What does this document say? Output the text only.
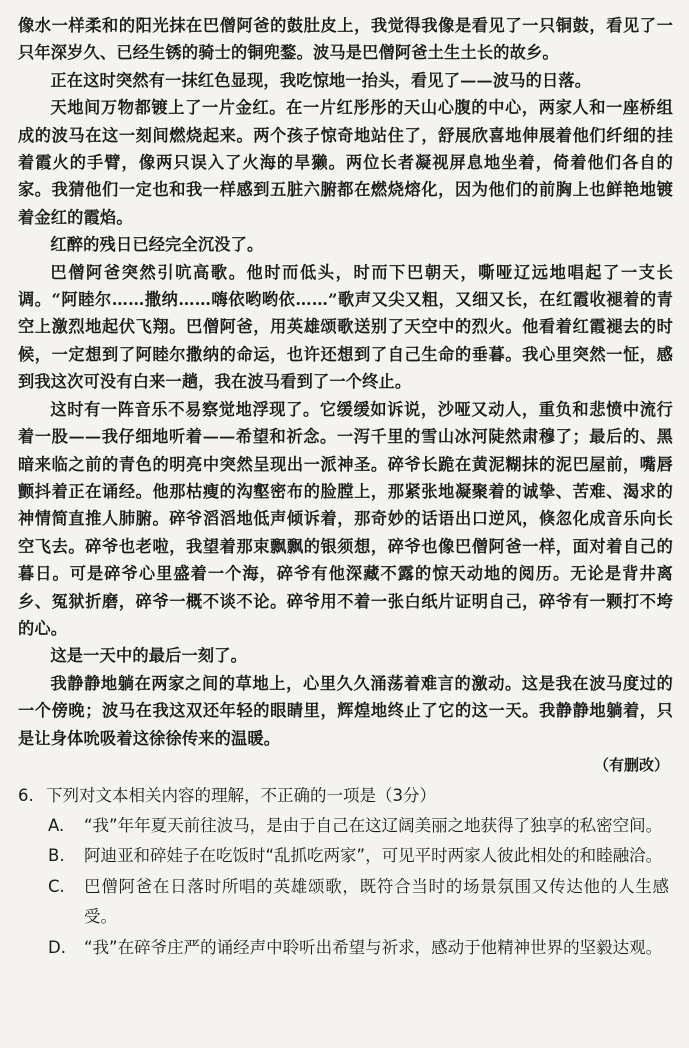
像水一样柔和的阳光抹在巴僧阿爸的鼓肚皮上，我觉得我像是看见了一只铜鼓，看见了一只年深岁久、已经生锈的骑士的铜兜鍪。波马是巴僧阿爸土生土长的故乡。

正在这时突然有一抹红色显现，我吃惊地一抬头，看见了——波马的日落。

天地间万物都镀上了一片金红。在一片红彤彤的天山心腹的中心，两家人和一座桥组成的波马在这一刻间燃烧起来。两个孩子惊奇地站住了，舒展欣喜地伸展着他们纤细的挂着霞火的手臂，像两只误入了火海的旱獭。两位长者凝视屏息地坐着，倚着他们各自的家。我猜他们一定也和我一样感到五脏六腑都在燃烧熔化，因为他们的前胸上也鲜艳地镀着金红的霞焰。

红醉的残日已经完全沉没了。

巴僧阿爸突然引吭高歌。他时而低头，时而下巴朝天，嘶哑辽远地唱起了一支长调。“阿睦尔……撒纳……嗨依哟哟依……”歌声又尖又粗，又细又长，在红霞收褪着的青空上激烈地起伏飞翔。巴僧阿爸，用英雄颂歌送别了天空中的烈火。他看着红霞褪去的时候，一定想到了阿睦尔撒纳的命运，也许还想到了自己生命的垂暮。我心里突然一怔，感到我这次可没有白来一趟，我在波马看到了一个终止。

这时有一阵音乐不易察觉地浮现了。它缓缓如诉说，沙哑又动人，重负和悲愤中流行着一股——我仔细地听着——希望和祈念。一泻千里的雪山冰河陡然肃穆了；最后的、黑暗来临之前的青色的明亮中突然呈现出一派神圣。碎爷长跪在黄泥糊抹的泥巴屋前，嘴唇颤抖着正在诵经。他那枯瘦的沟壑密布的脸膛上，那紧张地凝聚着的诚挚、苦难、渴求的神情简直推人肺腑。碎爷滔滔地低声倾诉着，那奇妙的话语出口逆风，倏忽化成音乐向长空飞去。碎爷也老啦，我望着那束飘飘的银须想，碎爷也像巴僧阿爸一样，面对着自己的暮日。可是碎爷心里盛着一个海，碎爷有他深藏不露的惊天动地的阅历。无论是背井离乡、冤狱折磨，碎爷一概不谈不论。碎爷用不着一张白纸片证明自己，碎爷有一颗打不垮的心。

这是一天中的最后一刻了。

我静静地躺在两家之间的草地上，心里久久涌荡着难言的激动。这是我在波马度过的一个傍晚；波马在我这双还年轻的眼睛里，辉煌地终止了它的这一天。我静静地躺着，只是让身体吮吸着这徐徐传来的温暖。

（有删改）
6. 下列对文本相关内容的理解，不正确的一项是（3分）
A.	“我”年年夏天前往波马，是由于自己在这辽阔美丽之地获得了独享的私密空间。
B.	阿迪亚和碎娃子在吃饭时“乱抓吃两家”，可见平时两家人彼此相处的和睦融洽。
C.	巴僧阿爸在日落时所唱的英雄颂歌，既符合当时的场景氛围又传达他的人生感受。
D.	“我”在碎爷庄严的诵经声中聆听出希望与祈求，感动于他精神世界的坚毅达观。
